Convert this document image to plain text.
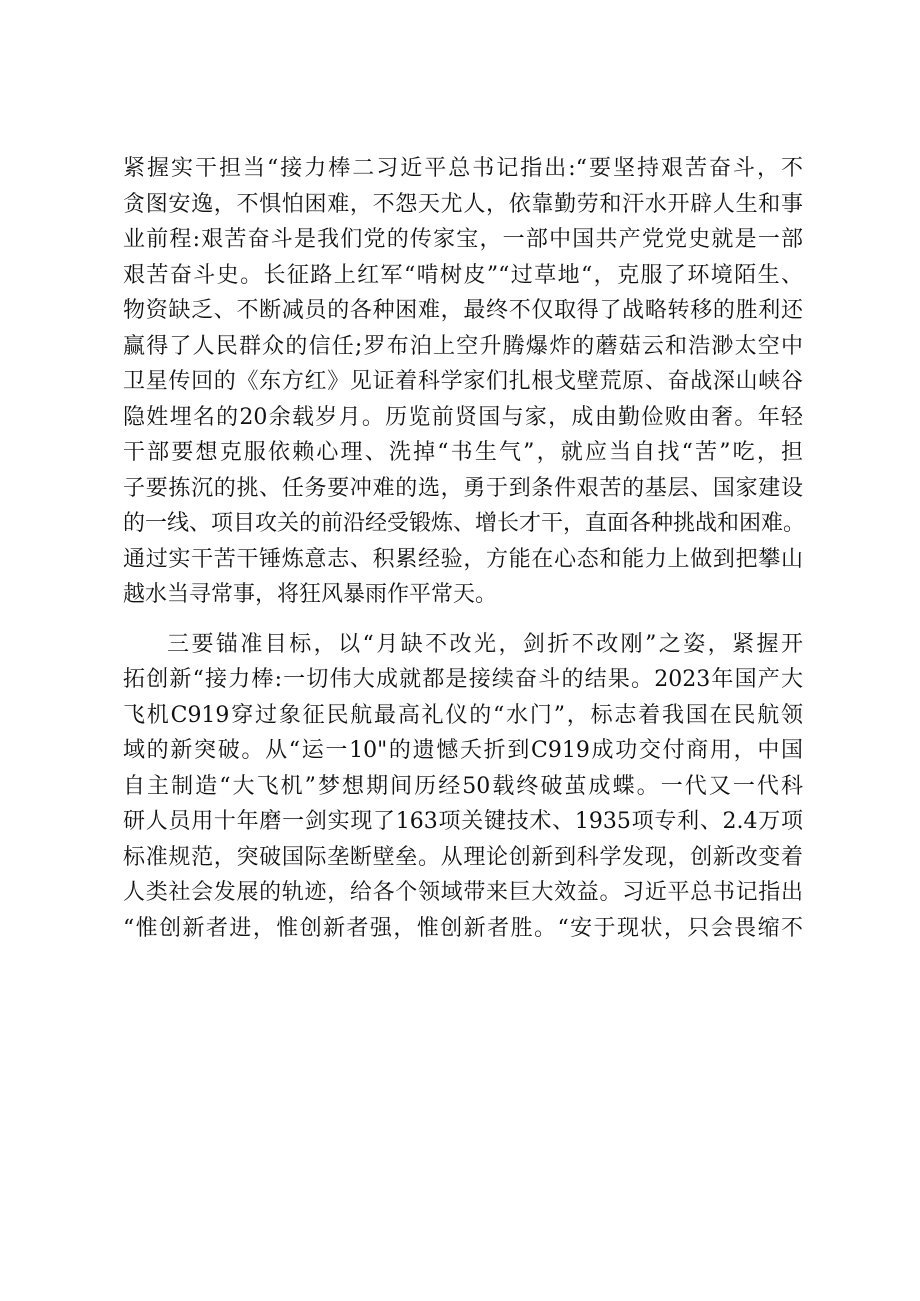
紧握实干担当“接力棒二习近平总书记指出:“要坚持艰苦奋斗，不
贪图安逸，不惧怕困难，不怨天尤人，依靠勤劳和汗水开辟人生和事
业前程:艰苦奋斗是我们党的传家宝，一部中国共产党党史就是一部
艰苦奋斗史。长征路上红军“啃树皮”“过草地“，克服了环境陌生、
物资缺乏、不断减员的各种困难，最终不仅取得了战略转移的胜利还
赢得了人民群众的信任;罗布泊上空升腾爆炸的蘑菇云和浩渺太空中
卫星传回的《东方红》见证着科学家们扎根戈壁荒原、奋战深山峡谷
隐姓埋名的20余载岁月。历览前贤国与家，成由勤俭败由奢。年轻
干部要想克服依赖心理、洗掉“书生气”，就应当自找“苦”吃，担
子要拣沉的挑、任务要冲难的选，勇于到条件艰苦的基层、国家建设
的一线、项目攻关的前沿经受锻炼、增长才干，直面各种挑战和困难。
通过实干苦干锤炼意志、积累经验，方能在心态和能力上做到把攀山
越水当寻常事，将狂风暴雨作平常天。
三要锚准目标，以“月缺不改光，剑折不改刚”之姿，紧握开
拓创新“接力棒:一切伟大成就都是接续奋斗的结果。2023年国产大
飞机C919穿过象征民航最高礼仪的“水门”，标志着我国在民航领
域的新突破。从“运一10"的遗憾夭折到C919成功交付商用，中国
自主制造“大飞机”梦想期间历经50载终破茧成蝶。一代又一代科
研人员用十年磨一剑实现了163项关键技术、1935项专利、2.4万项
标准规范，突破国际垄断壁垒。从理论创新到科学发现，创新改变着
人类社会发展的轨迹，给各个领域带来巨大效益。习近平总书记指出
“惟创新者进，惟创新者强，惟创新者胜。“安于现状，只会畏缩不
